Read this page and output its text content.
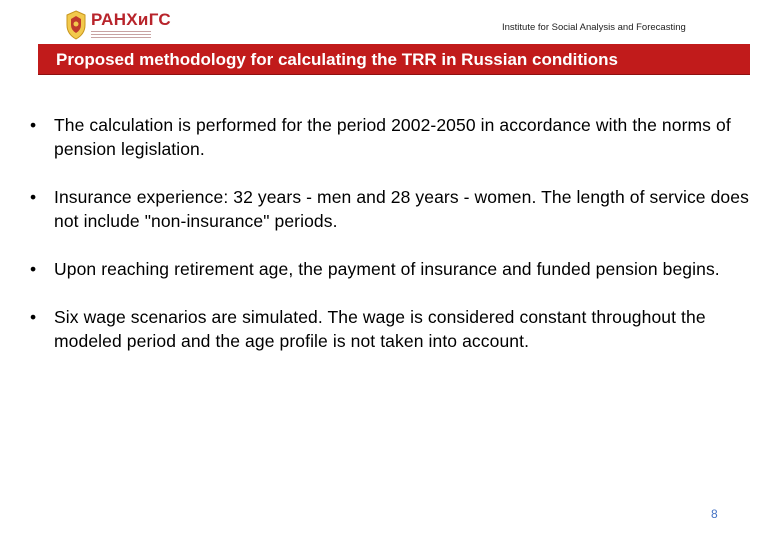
РАНХиГС	Institute for Social Analysis and Forecasting
Proposed methodology for calculating the TRR in Russian conditions
• The calculation is performed for the period 2002-2050 in accordance with the norms of pension legislation.
• Insurance experience: 32 years - men and 28 years - women. The length of service does not include "non-insurance" periods.
• Upon reaching retirement age, the payment of insurance and funded pension begins.
• Six wage scenarios are simulated. The wage is considered constant throughout the modeled period and the age profile is not taken into account.
8
